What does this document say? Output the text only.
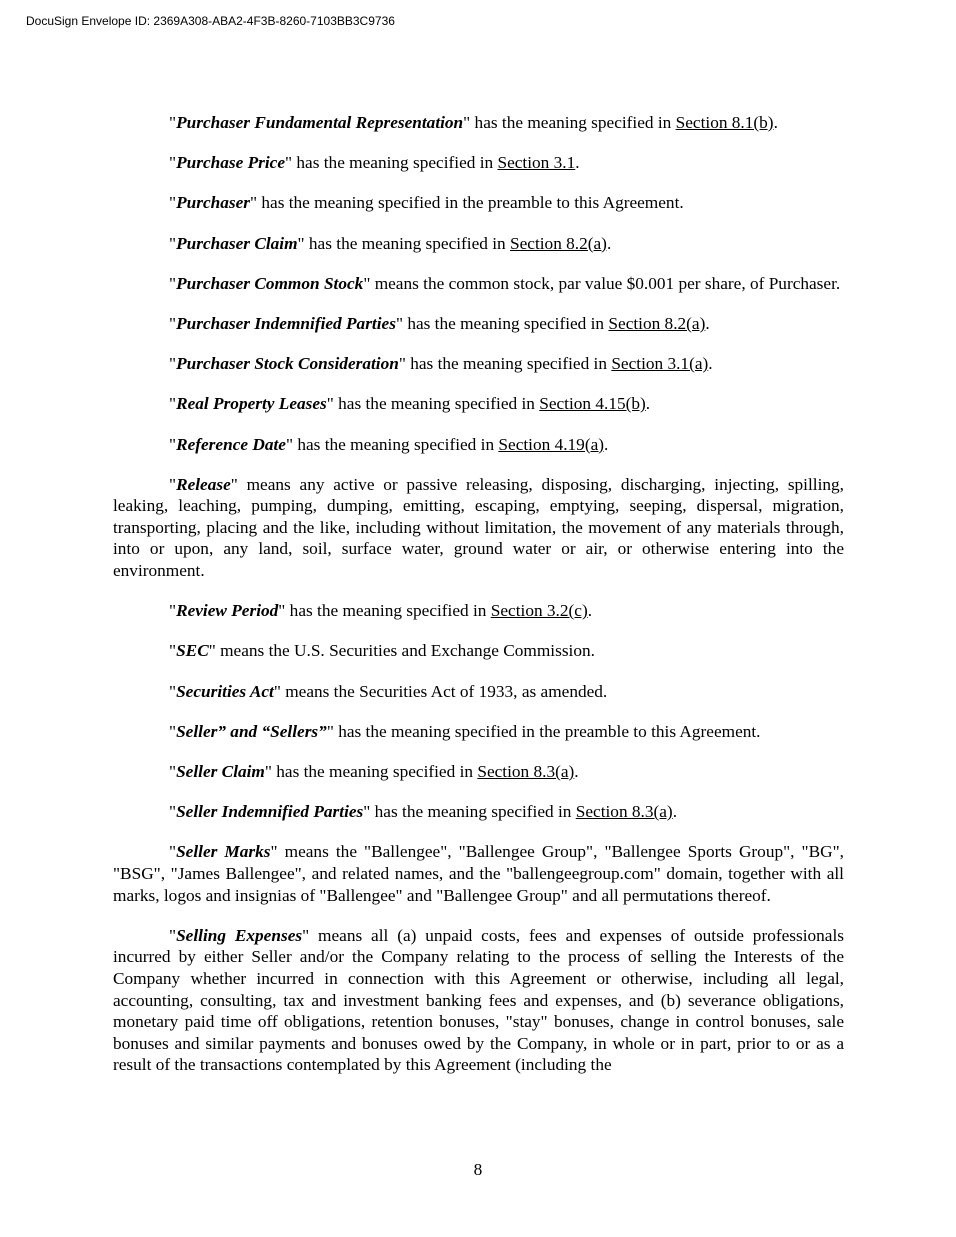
DocuSign Envelope ID: 2369A308-ABA2-4F3B-8260-7103BB3C9736

"Purchaser Fundamental Representation" has the meaning specified in Section 8.1(b).

"Purchase Price" has the meaning specified in Section 3.1.

"Purchaser" has the meaning specified in the preamble to this Agreement.

"Purchaser Claim" has the meaning specified in Section 8.2(a).

"Purchaser Common Stock" means the common stock, par value $0.001 per share, of Purchaser.

"Purchaser Indemnified Parties" has the meaning specified in Section 8.2(a).

"Purchaser Stock Consideration" has the meaning specified in Section 3.1(a).

"Real Property Leases" has the meaning specified in Section 4.15(b).

"Reference Date" has the meaning specified in Section 4.19(a).

"Release" means any active or passive releasing, disposing, discharging, injecting, spilling, leaking, leaching, pumping, dumping, emitting, escaping, emptying, seeping, dispersal, migration, transporting, placing and the like, including without limitation, the movement of any materials through, into or upon, any land, soil, surface water, ground water or air, or otherwise entering into the environment.

"Review Period" has the meaning specified in Section 3.2(c).

"SEC" means the U.S. Securities and Exchange Commission.

"Securities Act" means the Securities Act of 1933, as amended.

"Seller” and “Sellers”" has the meaning specified in the preamble to this Agreement.

"Seller Claim" has the meaning specified in Section 8.3(a).

"Seller Indemnified Parties" has the meaning specified in Section 8.3(a).

"Seller Marks" means the "Ballengee", "Ballengee Group", "Ballengee Sports Group", "BG", "BSG", "James Ballengee", and related names, and the "ballengeegroup.com" domain, together with all marks, logos and insignias of "Ballengee" and "Ballengee Group" and all permutations thereof.

"Selling Expenses" means all (a) unpaid costs, fees and expenses of outside professionals incurred by either Seller and/or the Company relating to the process of selling the Interests of the Company whether incurred in connection with this Agreement or otherwise, including all legal, accounting, consulting, tax and investment banking fees and expenses, and (b) severance obligations, monetary paid time off obligations, retention bonuses, "stay" bonuses, change in control bonuses, sale bonuses and similar payments and bonuses owed by the Company, in whole or in part, prior to or as a result of the transactions contemplated by this Agreement (including the

8
